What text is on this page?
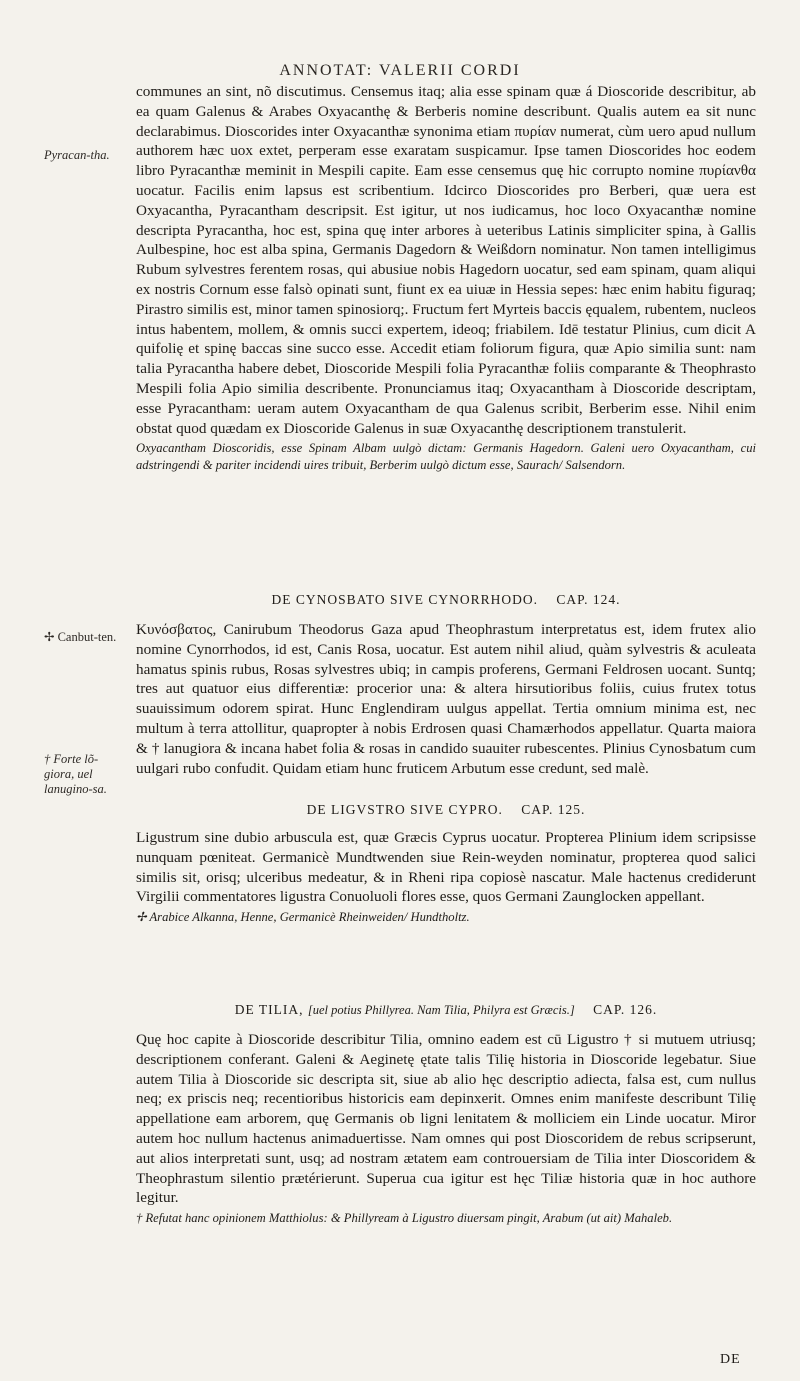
ANNOTAT: VALERII CORDI
Pyracan-tha.
✢ Canbut-ten.
† Forte lõ-giora, uel lanugino-sa.

communes an sint, nõ discutimus. Censemus itaq; alia esse spinam quæ á Dioscoride describitur, ab ea quam Galenus & Arabes Oxyacanthę & Berberis nomine describunt. Qualis autem ea sit nunc declarabimus. Dioscorides inter Oxyacanthæ synonima etiam πυρίαν numerat, cùm uero apud nullum authorem hæc uox extet, perperam esse exaratam suspicamur. Ipse tamen Dioscorides hoc eodem libro Pyracanthæ meminit in Mespili capite. Eam esse censemus quę hic corrupto nomine πυρίανθα uocatur. Facilis enim lapsus est scribentium. Idcirco Dioscorides pro Berberi, quæ uera est Oxyacantha, Pyracantham descripsit. Est igitur, ut nos iudicamus, hoc loco Oxyacanthæ nomine descripta Pyracantha, hoc est, spina quę inter arbores à ueteribus Latinis simpliciter spina, à Gallis Aulbespine, hoc est alba spina, Germanis Dagedorn & Weißdorn nominatur. Non tamen intelligimus Rubum sylvestres ferentem rosas, qui abusiue nobis Hagedorn uocatur, sed eam spinam, quam aliqui ex nostris Cornum esse falsò opinati sunt, fiunt ex ea uiuæ in Hessia sepes: hæc enim habitu figuraq; Pirastro similis est, minor tamen spinosiorq;. Fructum fert Myrteis baccis ęqualem, rubentem, nucleos intus habentem, mollem, & omnis succi expertem, ideoq; friabilem. Idē testatur Plinius, cum dicit A quifolię et spinę baccas sine succo esse. Accedit etiam foliorum figura, quæ Apio similia sunt: nam talia Pyracantha habere debet, Dioscoride Mespili folia Pyracanthæ foliis comparante & Theophrasto Mespili folia Apio similia describente. Pronunciamus itaq; Oxyacantham à Dioscoride descriptam, esse Pyracantham: ueram autem Oxyacantham de qua Galenus scribit, Berberim esse. Nihil enim obstat quod quædam ex Dioscoride Galenus in suæ Oxyacanthę descriptionem transtulerit.

Oxyacantham Dioscoridis, esse Spinam Albam uulgò dictam: Germanis Hagedorn. Galeni uero Oxyacantham, cui adstringendi & pariter incidendi uires tribuit, Berberim uulgò dictum esse, Saurach/ Salsendorn.

DE CYNOSBATO SIVE CYNORRHODO. CAP. 124.

Κυνόσβατος, Canirubum Theodorus Gaza apud Theophrastum interpretatus est, idem frutex alio nomine Cynorrhodos, id est, Canis Rosa, uocatur. Est autem nihil aliud, quàm sylvestris & aculeata hamatus spinis rubus, Rosas sylvestres ubiq; in campis proferens, Germani Feldrosen uocant. Suntq; tres aut quatuor eius differentiæ: procerior una: & altera hirsutioribus foliis, cuius frutex totus suauissimum odorem spirat. Hunc Englendiram uulgus appellat. Tertia omnium minima est, nec multum à terra attollitur, quapropter à nobis Erdrosen quasi Chamærhodos appellatur. Quarta maiora & † lanugiora & incana habet folia & rosas in candido suauiter rubescentes. Plinius Cynosbatum cum uulgari rubo confudit. Quidam etiam hunc fruticem Arbutum esse credunt, sed malè.

DE LIGVSTRO SIVE CYPRO. CAP. 125.

Ligustrum sine dubio arbuscula est, quæ Græcis Cyprus uocatur. Propterea Plinium idem scripsisse nunquam pœniteat. Germanicè Mundtwenden siue Rein-weyden nominatur, propterea quod salici similis sit, orisq; ulceribus medeatur, & in Rheni ripa copiosè nascatur. Male hactenus crediderunt Virgilii commentatores ligustra Conuoluoli flores esse, quos Germani Zaunglocken appellant.

✢ Arabice Alkanna, Henne, Germanicè Rheinweiden/ Hundtholtz.

DE TILIA, [uel potius Phillyrea. Nam Tilia, Philyra est Græcis.] CAP. 126.

Quę hoc capite à Dioscoride describitur Tilia, omnino eadem est cū Ligustro † si mutuem utriusq; descriptionem conferant. Galeni & Aeginetę ętate talis Tilię historia in Dioscoride legebatur. Siue autem Tilia à Dioscoride sic descripta sit, siue ab alio hęc descriptio adiecta, falsa est, cum nullus neq; ex priscis neq; recentioribus historicis eam depinxerit. Omnes enim manifeste describunt Tilię appellatione eam arborem, quę Germanis ob ligni lenitatem & molliciem ein Linde uocatur. Miror autem hoc nullum hactenus animaduertisse. Nam omnes qui post Dioscoridem de rebus scripserunt, aut alios interpretati sunt, usq; ad nostram ætatem eam controuersiam de Tilia inter Dioscoridem & Theophrastum silentio prætérierunt. Superua cua igitur est hęc Tiliæ historia quæ in hoc authore legitur.

† Refutat hanc opinionem Matthiolus: & Phillyream à Ligustro diuersam pingit, Arabum (ut ait) Mahaleb.

DE
